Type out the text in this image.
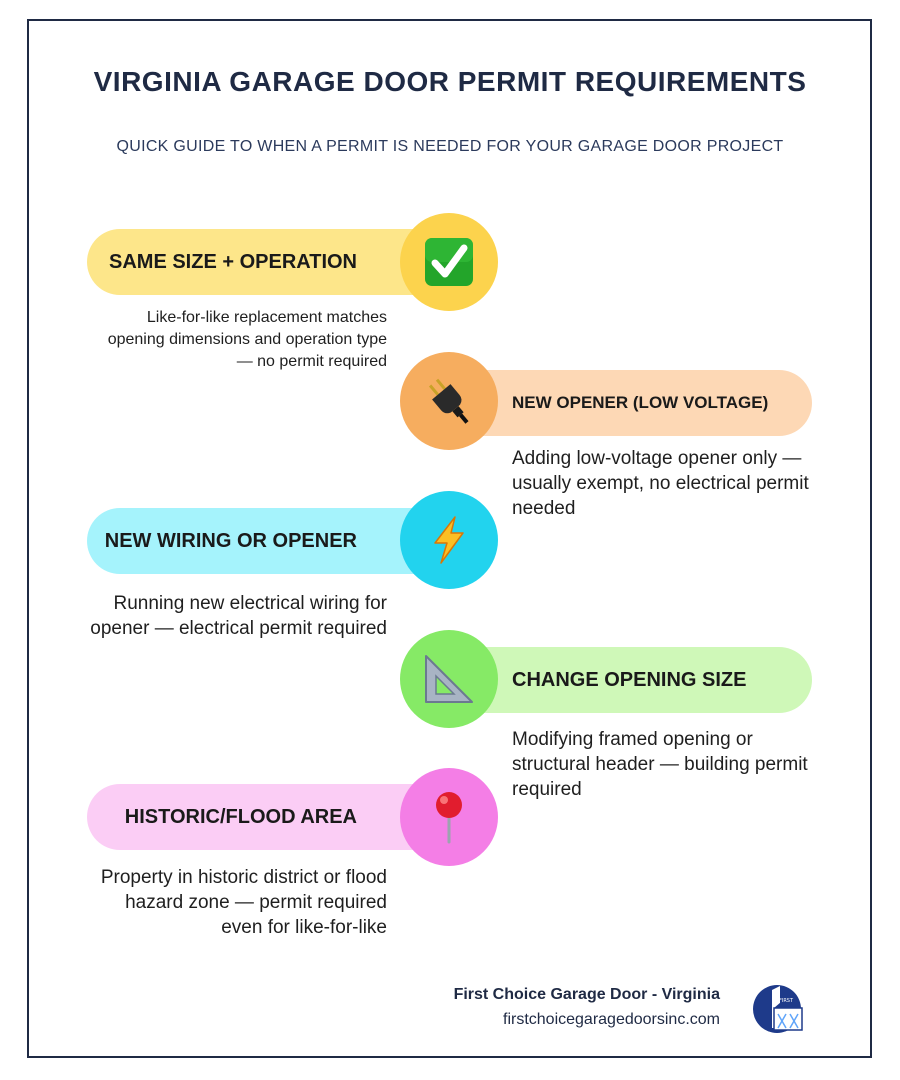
VIRGINIA GARAGE DOOR PERMIT REQUIREMENTS
QUICK GUIDE TO WHEN A PERMIT IS NEEDED FOR YOUR GARAGE DOOR PROJECT
SAME SIZE + OPERATION
Like-for-like replacement matches opening dimensions and operation type — no permit required
NEW OPENER (LOW VOLTAGE)
Adding low-voltage opener only — usually exempt, no electrical permit needed
NEW WIRING OR OPENER
Running new electrical wiring for opener — electrical permit required
CHANGE OPENING SIZE
Modifying framed opening or structural header — building permit required
HISTORIC/FLOOD AREA
Property in historic district or flood hazard zone — permit required even for like-for-like
First Choice Garage Door - Virginia
firstchoicegaragedoorsinc.com
FIRST
